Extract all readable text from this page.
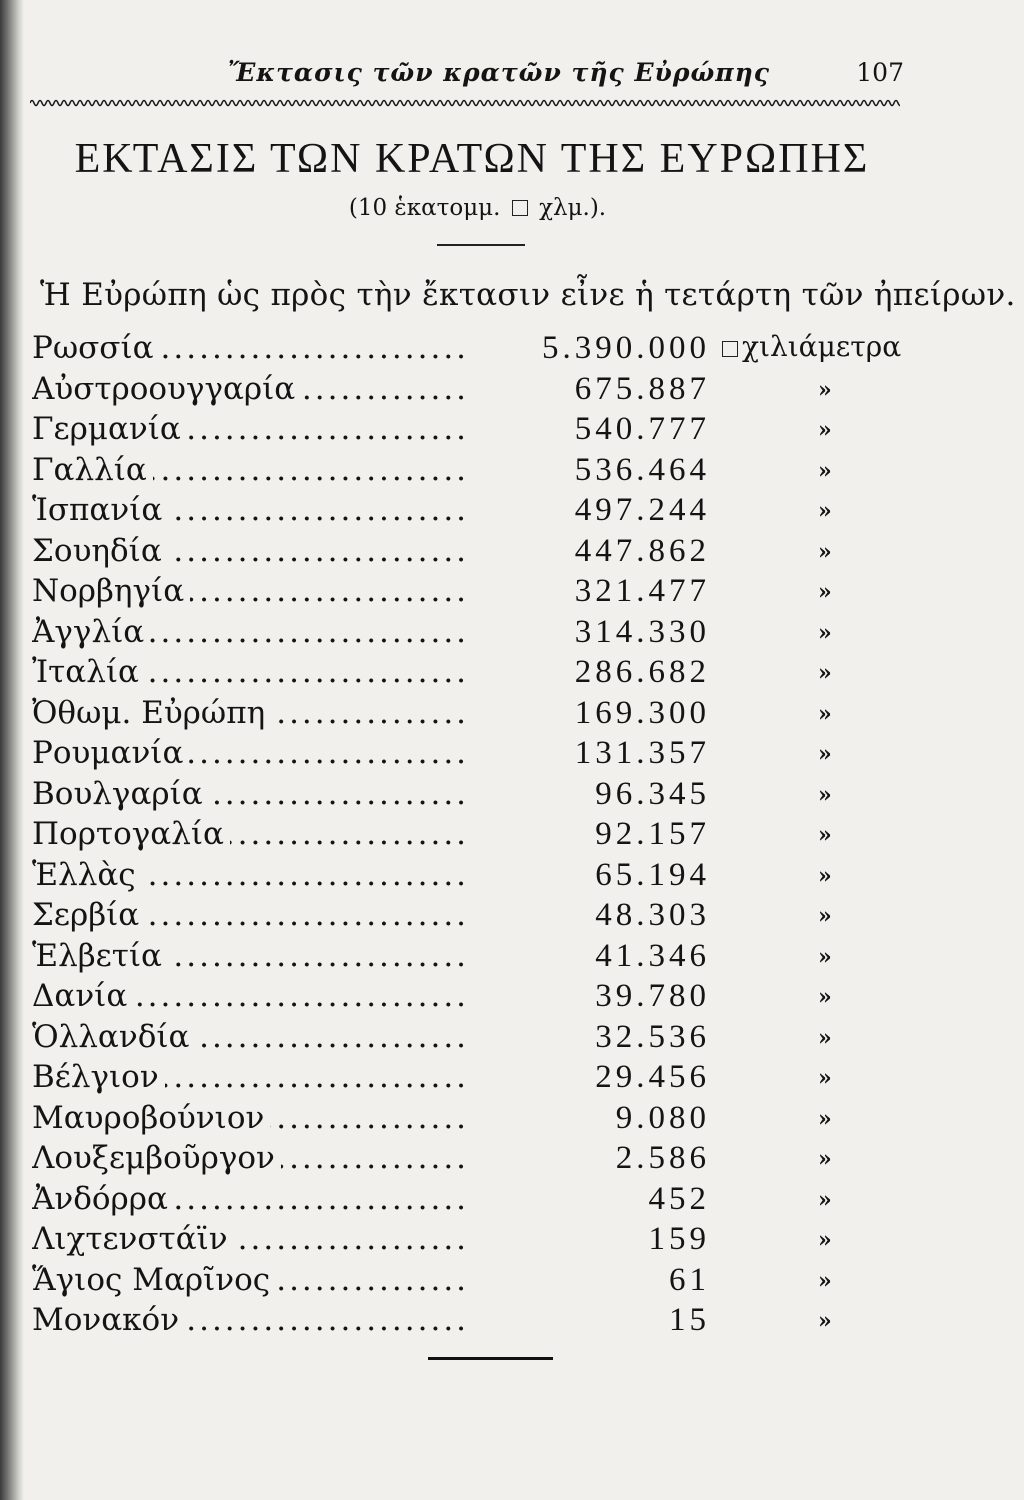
Ἔκτασις τῶν κρατῶν τῆς Εὐρώπης	107
ΕΚΤΑΣΙΣ ΤΩΝ ΚΡΑΤΩΝ ΤΗΣ ΕΥΡΩΠΗΣ
(10 ἑκατομμ. χλμ.).
Ἡ Εὐρώπη ὡς πρὸς τὴν ἔκτασιν εἶνε ἡ τετάρτη τῶν ἠπείρων.
Ρωσσία .....	5.390.000	χιλιάμετρα
Αὐστροουγγαρία .....	675.887	»
Γερμανία .....	540.777	»
Γαλλία .....	536.464	»
Ἱσπανία .....	497.244	»
Σουηδία .....	447.862	»
Νορβηγία .....	321.477	»
Ἀγγλία .....	314.330	»
Ἰταλία .....	286.682	»
Ὀθωμ. Εὐρώπη .....	169.300	»
Ρουμανία .....	131.357	»
Βουλγαρία .....	96.345	»
Πορτογαλία .....	92.157	»
Ἑλλὰς .....	65.194	»
Σερβία .....	48.303	»
Ἑλβετία .....	41.346	»
Δανία .....	39.780	»
Ὁλλανδία .....	32.536	»
Βέλγιον .....	29.456	»
Μαυροβούνιον .....	9.080	»
Λουξεμβοῦργον .....	2.586	»
Ἀνδόρρα .....	452	»
Λιχτενστάϊν .....	159	»
Ἅγιος Μαρῖνος .....	61	»
Μονακόν .....	15	»
